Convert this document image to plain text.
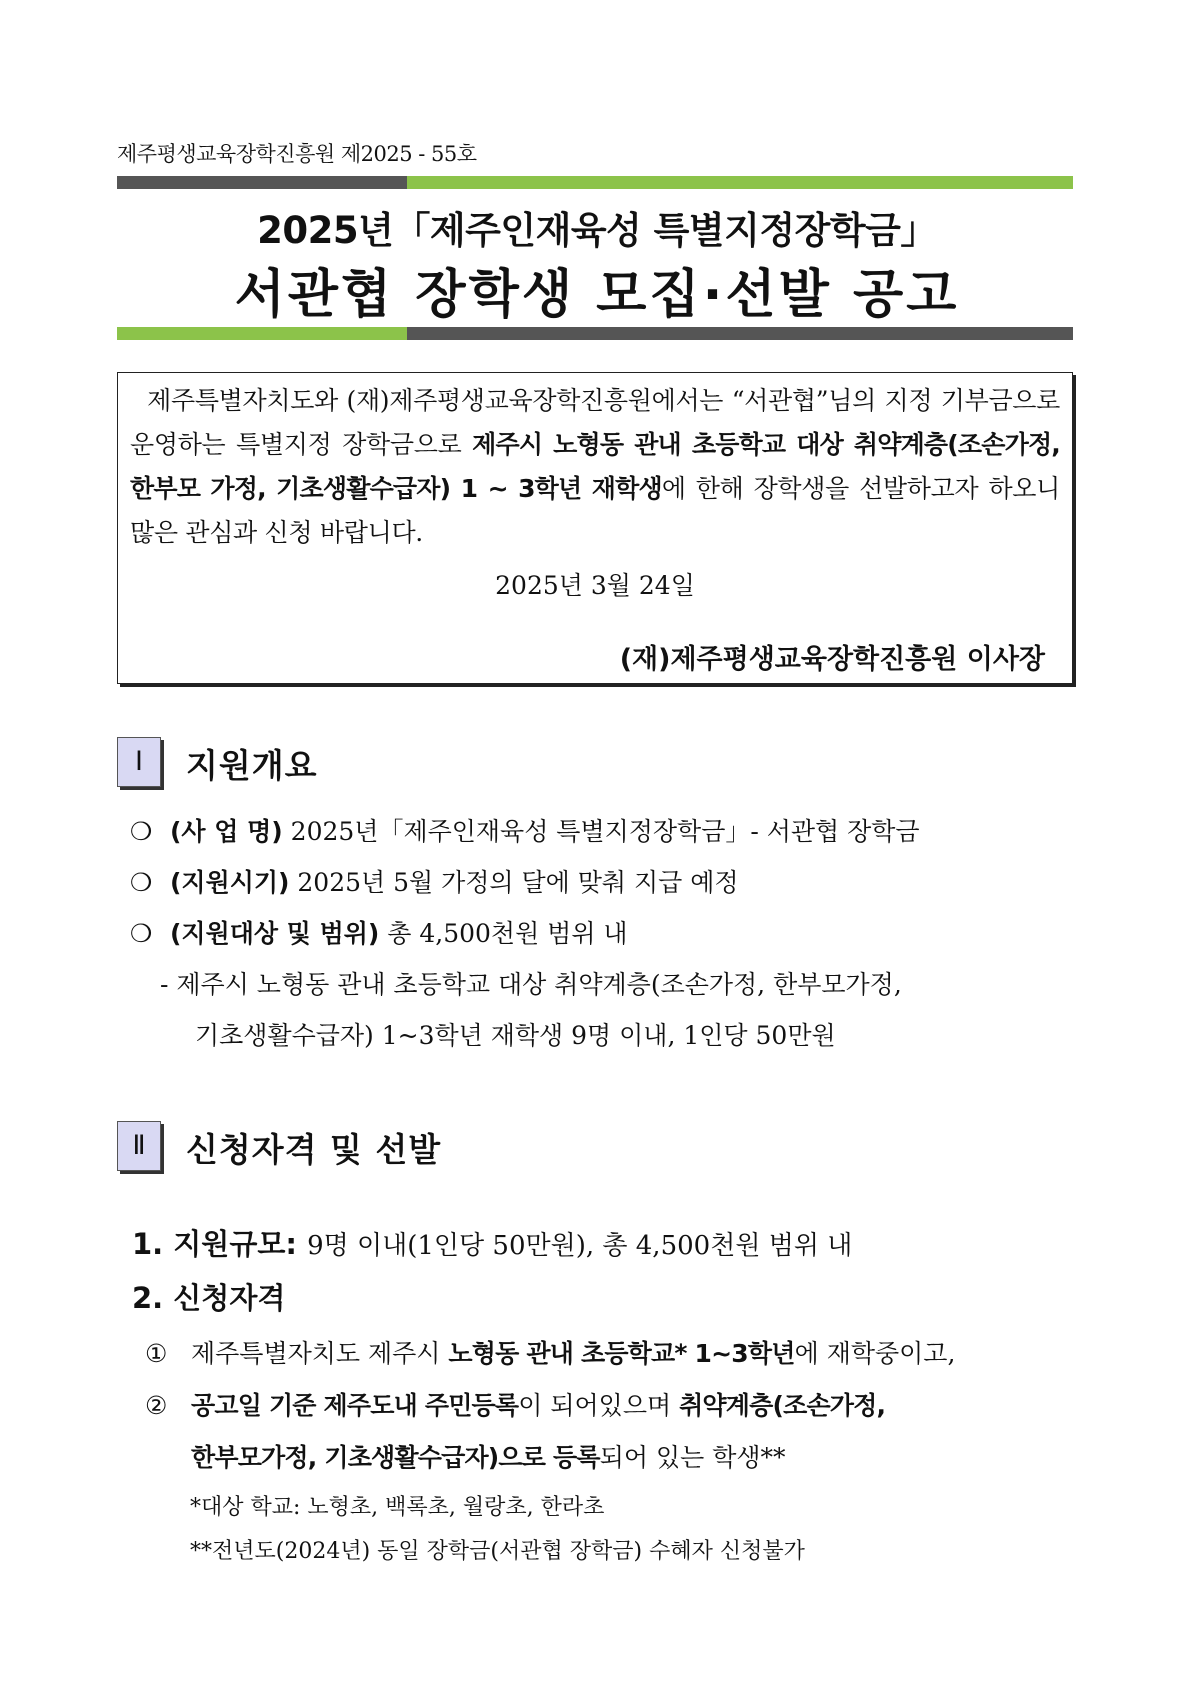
제주평생교육장학진흥원 제2025 - 55호
2025년「제주인재육성 특별지정장학금」
서관협 장학생 모집·선발 공고
제주특별자치도와 (재)제주평생교육장학진흥원에서는 “서관협”님의 지정 기부금으로 운영하는 특별지정 장학금으로 제주시 노형동 관내 초등학교 대상 취약계층(조손가정, 한부모 가정, 기초생활수급자) 1 ~ 3학년 재학생에 한해 장학생을 선발하고자 하오니 많은 관심과 신청 바랍니다.
2025년 3월 24일
(재)제주평생교육장학진흥원 이사장
Ⅰ	지원개요
❍ (사 업 명) 2025년「제주인재육성 특별지정장학금」- 서관협 장학금
❍ (지원시기) 2025년 5월 가정의 달에 맞춰 지급 예정
❍ (지원대상 및 범위) 총 4,500천원 범위 내
- 제주시 노형동 관내 초등학교 대상 취약계층(조손가정, 한부모가정,
기초생활수급자) 1~3학년 재학생 9명 이내, 1인당 50만원
Ⅱ	신청자격 및 선발
1. 지원규모: 9명 이내(1인당 50만원), 총 4,500천원 범위 내
2. 신청자격
① 제주특별자치도 제주시 노형동 관내 초등학교* 1~3학년에 재학중이고,
② 공고일 기준 제주도내 주민등록이 되어있으며 취약계층(조손가정,
한부모가정, 기초생활수급자)으로 등록되어 있는 학생**
*대상 학교: 노형초, 백록초, 월랑초, 한라초
**전년도(2024년) 동일 장학금(서관협 장학금) 수혜자 신청불가
